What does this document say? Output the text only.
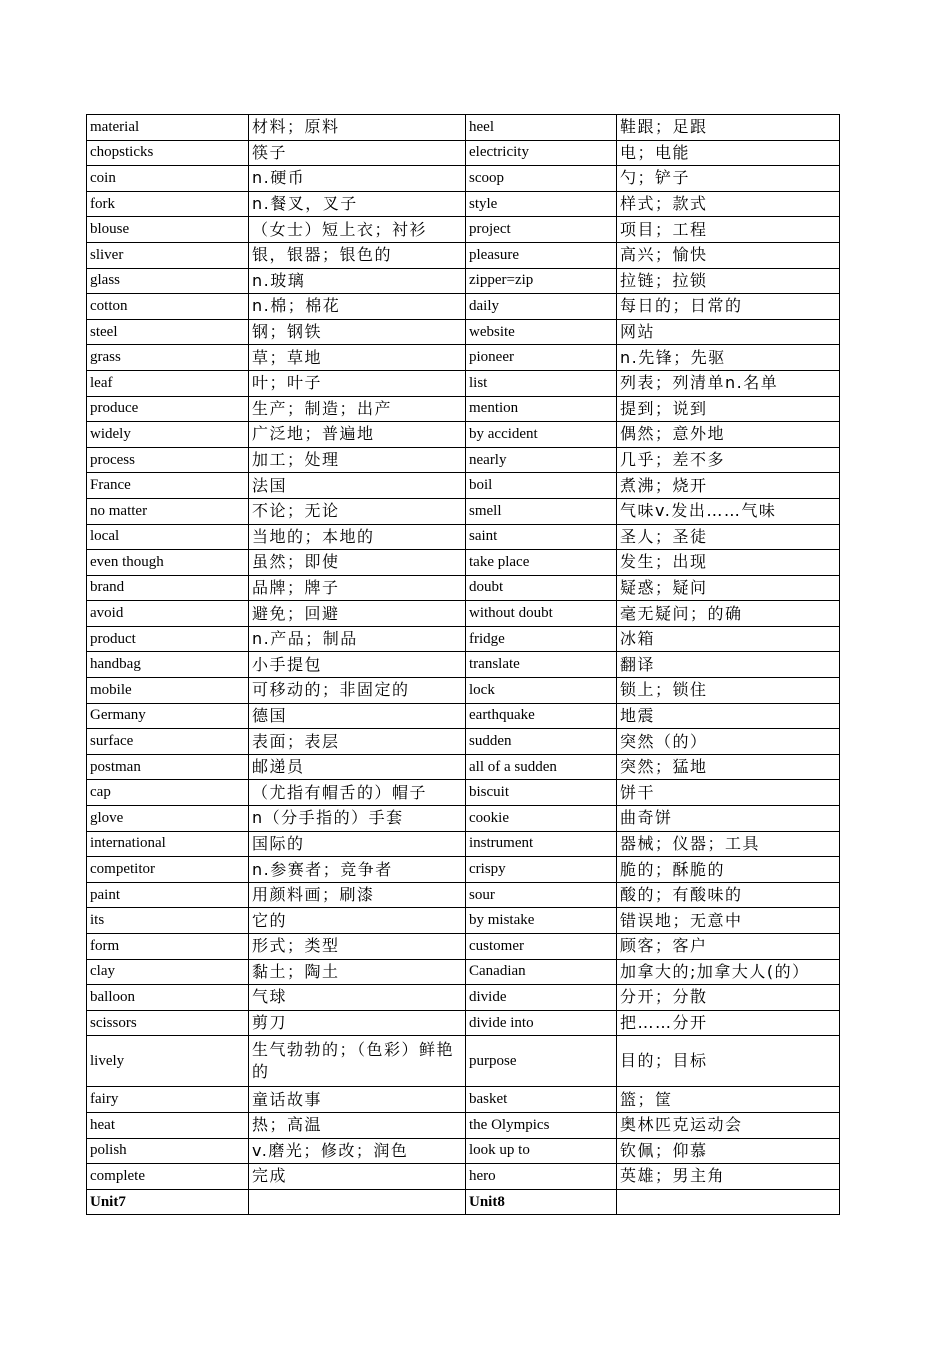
material	材料；原料	heel	鞋跟；足跟
chopsticks	筷子	electricity	电；电能
coin	n.硬币	scoop	勺；铲子
fork	n.餐叉，叉子	style	样式；款式
blouse	（女士）短上衣；衬衫	project	项目；工程
sliver	银，银器；银色的	pleasure	高兴；愉快
glass	n.玻璃	zipper=zip	拉链；拉锁
cotton	n.棉；棉花	daily	每日的；日常的
steel	钢；钢铁	website	网站
grass	草；草地	pioneer	n.先锋；先驱
leaf	叶；叶子	list	列表；列清单n.名单
produce	生产；制造；出产	mention	提到；说到
widely	广泛地；普遍地	by accident	偶然；意外地
process	加工；处理	nearly	几乎；差不多
France	法国	boil	煮沸；烧开
no matter	不论；无论	smell	气味v.发出……气味
local	当地的；本地的	saint	圣人；圣徒
even though	虽然；即使	take place	发生；出现
brand	品牌；牌子	doubt	疑惑；疑问
avoid	避免；回避	without doubt	毫无疑问；的确
product	n.产品；制品	fridge	冰箱
handbag	小手提包	translate	翻译
mobile	可移动的；非固定的	lock	锁上；锁住
Germany	德国	earthquake	地震
surface	表面；表层	sudden	突然（的）
postman	邮递员	all of a sudden	突然；猛地
cap	（尤指有帽舌的）帽子	biscuit	饼干
glove	n（分手指的）手套	cookie	曲奇饼
international	国际的	instrument	器械；仪器；工具
competitor	n.参赛者；竞争者	crispy	脆的；酥脆的
paint	用颜料画；刷漆	sour	酸的；有酸味的
its	它的	by mistake	错误地；无意中
form	形式；类型	customer	顾客；客户
clay	黏土；陶土	Canadian	加拿大的;加拿大人(的）
balloon	气球	divide	分开；分散
scissors	剪刀	divide into	把……分开
lively	生气勃勃的；（色彩）鲜艳的	purpose	目的；目标
fairy	童话故事	basket	篮；筐
heat	热；高温	the Olympics	奥林匹克运动会
polish	v.磨光；修改；润色	look up to	钦佩；仰慕
complete	完成	hero	英雄；男主角
Unit7		Unit8	
